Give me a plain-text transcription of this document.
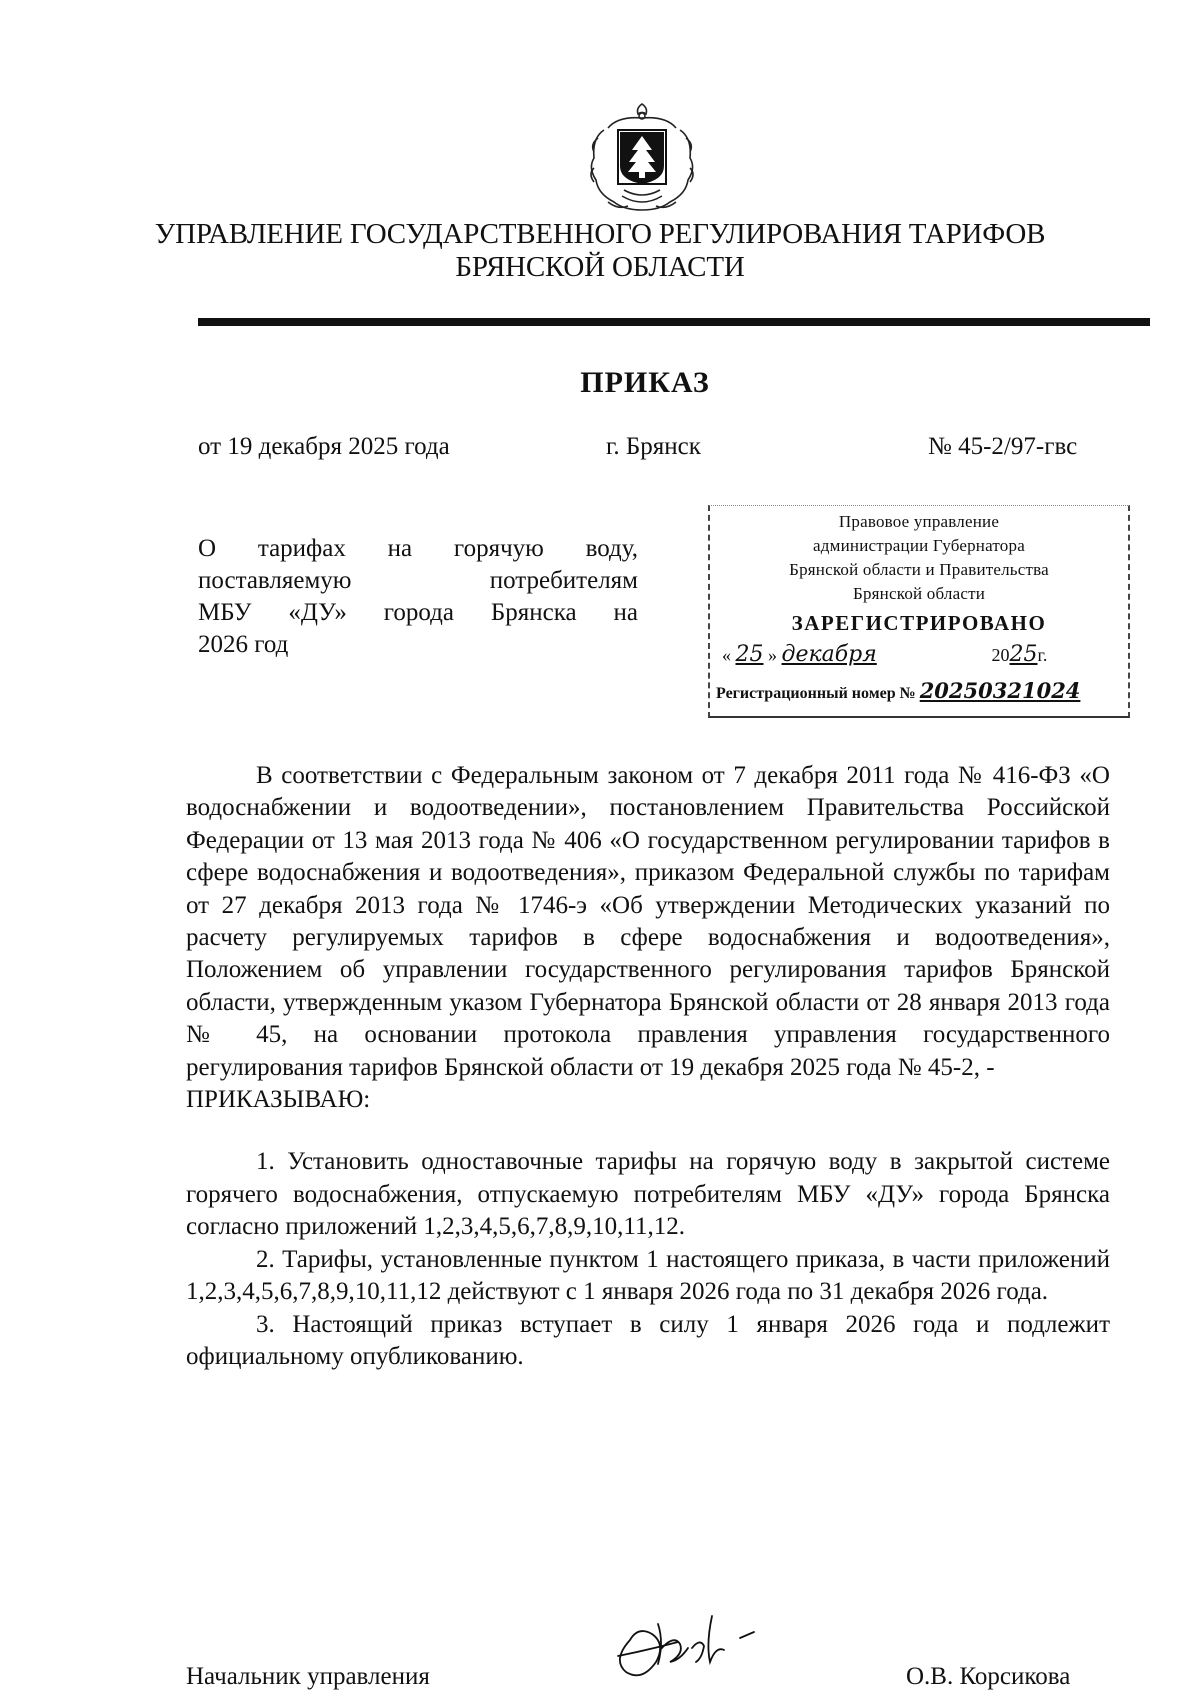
УПРАВЛЕНИЕ ГОСУДАРСТВЕННОГО РЕГУЛИРОВАНИЯ ТАРИФОВ
БРЯНСКОЙ ОБЛАСТИ
ПРИКАЗ
от 19 декабря 2025 года	г. Брянск	№ 45-2/97-гвс
О тарифах на горячую воду,
поставляемую потребителям
МБУ «ДУ» города Брянска на
2026 год
Правовое управление
администрации Губернатора
Брянской области и Правительства
Брянской области
ЗАРЕГИСТРИРОВАНО
« 25 » декабря	2025г.
Регистрационный номер № 2025032102​4

В соответствии с Федеральным законом от 7 декабря 2011 года № 416-ФЗ «О водоснабжении и водоотведении», постановлением Правительства Российской Федерации от 13 мая 2013 года № 406 «О государственном регулировании тарифов в сфере водоснабжения и водоотведения», приказом Федеральной службы по тарифам от 27 декабря 2013 года № 1746-э «Об утверждении Методических указаний по расчету регулируемых тарифов в сфере водоснабжения и водоотведения», Положением об управлении государственного регулирования тарифов Брянской области, утвержденным указом Губернатора Брянской области от 28 января 2013 года № 45, на основании протокола правления управления государственного регулирования тарифов Брянской области от 19 декабря 2025 года № 45-2, -

ПРИКАЗЫВАЮ:

1. Установить одноставочные тарифы на горячую воду в закрытой системе горячего водоснабжения, отпускаемую потребителям МБУ «ДУ» города Брянска согласно приложений 1,2,3,4,5,6,7,8,9,10,11,12.

2. Тарифы, установленные пунктом 1 настоящего приказа, в части приложений 1,2,3,4,5,6,7,8,9,10,11,12 действуют с 1 января 2026 года по 31 декабря 2026 года.

3. Настоящий приказ вступает в силу 1 января 2026 года и подлежит официальному опубликованию.

Начальник управления	О.В. Корсикова
